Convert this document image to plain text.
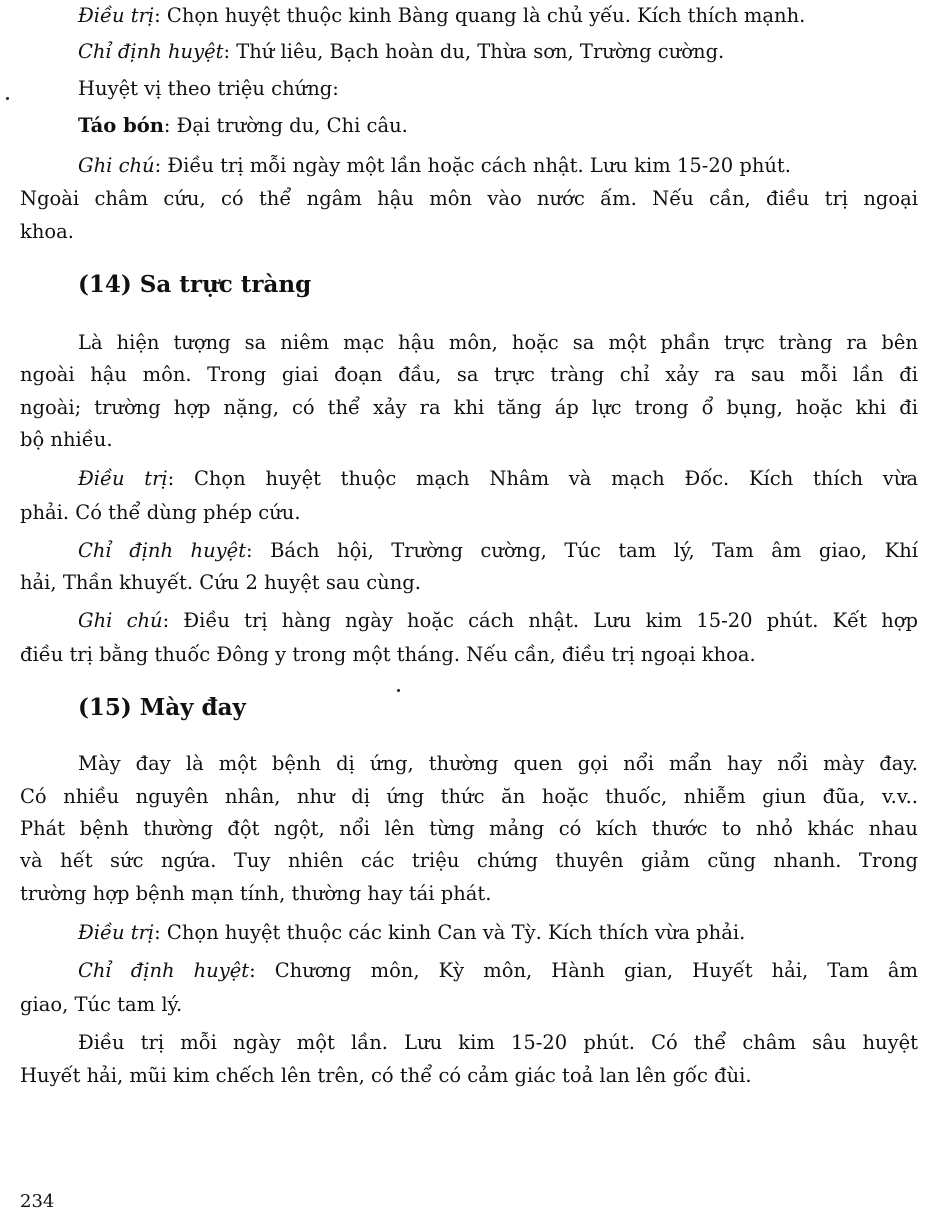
Điều trị: Chọn huyệt thuộc kinh Bàng quang là chủ yếu. Kích thích mạnh.
Chỉ định huyệt: Thứ liêu, Bạch hoàn du, Thừa sơn, Trường cường.
Huyệt vị theo triệu chứng:
Táo bón: Đại trường du, Chi câu.
Ghi chú: Điều trị mỗi ngày một lần hoặc cách nhật. Lưu kim 15-20 phút.
Ngoài châm cứu, có thể ngâm hậu môn vào nước ấm. Nếu cần, điều trị ngoại
khoa.
(14) Sa trực tràng
Là hiện tượng sa niêm mạc hậu môn, hoặc sa một phần trực tràng ra bên
ngoài hậu môn. Trong giai đoạn đầu, sa trực tràng chỉ xảy ra sau mỗi lần đi
ngoài; trường hợp nặng, có thể xảy ra khi tăng áp lực trong ổ bụng, hoặc khi đi
bộ nhiều.
Điều trị: Chọn huyệt thuộc mạch Nhâm và mạch Đốc. Kích thích vừa
phải. Có thể dùng phép cứu.
Chỉ định huyệt: Bách hội, Trường cường, Túc tam lý, Tam âm giao, Khí
hải, Thần khuyết. Cứu 2 huyệt sau cùng.
Ghi chú: Điều trị hàng ngày hoặc cách nhật. Lưu kim 15-20 phút. Kết hợp
điều trị bằng thuốc Đông y trong một tháng. Nếu cần, điều trị ngoại khoa.
(15) Mày đay
Mày đay là một bệnh dị ứng, thường quen gọi nổi mẩn hay nổi mày đay.
Có nhiều nguyên nhân, như dị ứng thức ăn hoặc thuốc, nhiễm giun đũa, v.v..
Phát bệnh thường đột ngột, nổi lên từng mảng có kích thước to nhỏ khác nhau
và hết sức ngứa. Tuy nhiên các triệu chứng thuyên giảm cũng nhanh. Trong
trường hợp bệnh mạn tính, thường hay tái phát.
Điều trị: Chọn huyệt thuộc các kinh Can và Tỳ. Kích thích vừa phải.
Chỉ định huyệt: Chương môn, Kỳ môn, Hành gian, Huyết hải, Tam âm
giao, Túc tam lý.
Điều trị mỗi ngày một lần. Lưu kim 15-20 phút. Có thể châm sâu huyệt
Huyết hải, mũi kim chếch lên trên, có thể có cảm giác toả lan lên gốc đùi.
234
